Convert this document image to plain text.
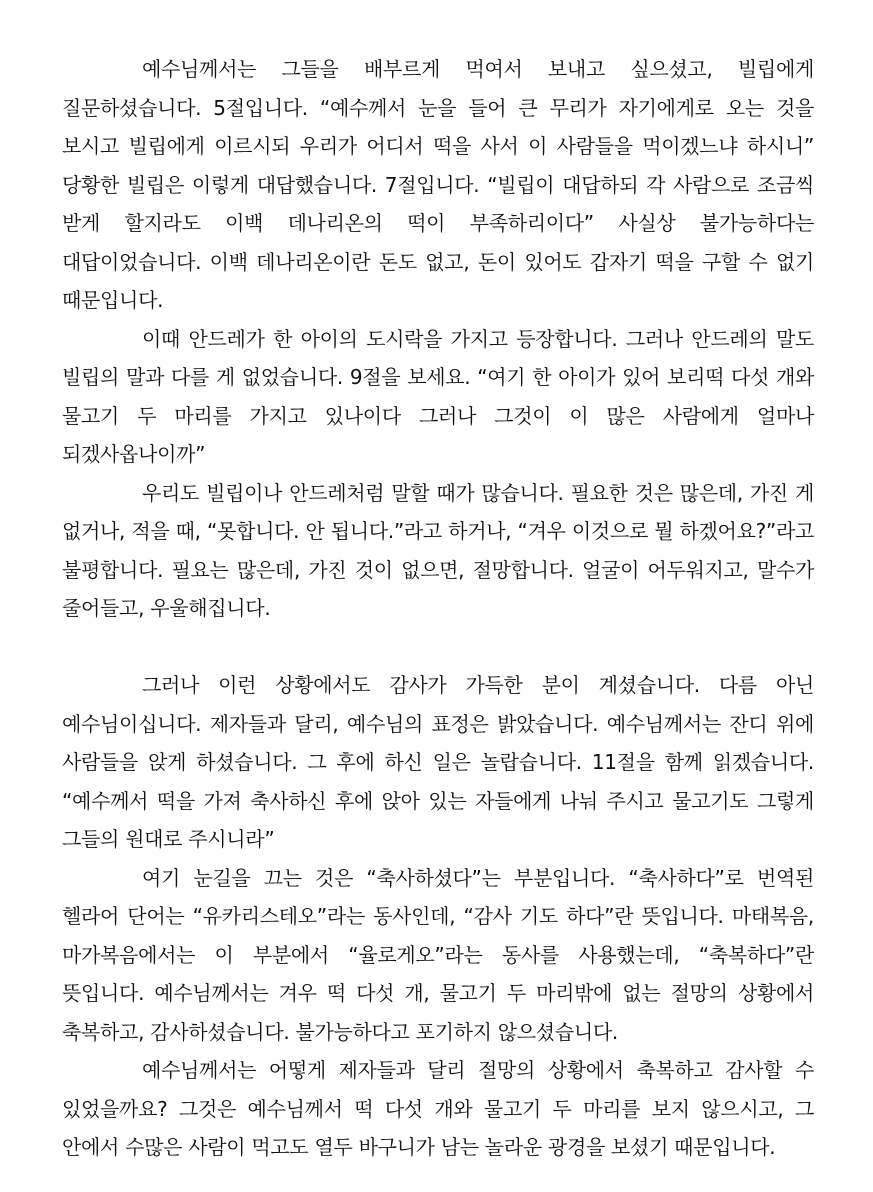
예수님께서는 그들을 배부르게 먹여서 보내고 싶으셨고, 빌립에게 질문하셨습니다. 5절입니다. “예수께서 눈을 들어 큰 무리가 자기에게로 오는 것을 보시고 빌립에게 이르시되 우리가 어디서 떡을 사서 이 사람들을 먹이겠느냐 하시니” 당황한 빌립은 이렇게 대답했습니다. 7절입니다. “빌립이 대답하되 각 사람으로 조금씩 받게 할지라도 이백 데나리온의 떡이 부족하리이다” 사실상 불가능하다는 대답이었습니다. 이백 데나리온이란 돈도 없고, 돈이 있어도 갑자기 떡을 구할 수 없기 때문입니다.

이때 안드레가 한 아이의 도시락을 가지고 등장합니다. 그러나 안드레의 말도 빌립의 말과 다를 게 없었습니다. 9절을 보세요. “여기 한 아이가 있어 보리떡 다섯 개와 물고기 두 마리를 가지고 있나이다 그러나 그것이 이 많은 사람에게 얼마나 되겠사옵나이까”

우리도 빌립이나 안드레처럼 말할 때가 많습니다. 필요한 것은 많은데, 가진 게 없거나, 적을 때, “못합니다. 안 됩니다.”라고 하거나, “겨우 이것으로 뭘 하겠어요?”라고 불평합니다. 필요는 많은데, 가진 것이 없으면, 절망합니다. 얼굴이 어두워지고, 말수가 줄어들고, 우울해집니다.

그러나 이런 상황에서도 감사가 가득한 분이 계셨습니다. 다름 아닌 예수님이십니다. 제자들과 달리, 예수님의 표정은 밝았습니다. 예수님께서는 잔디 위에 사람들을 앉게 하셨습니다. 그 후에 하신 일은 놀랍습니다. 11절을 함께 읽겠습니다. “예수께서 떡을 가져 축사하신 후에 앉아 있는 자들에게 나눠 주시고 물고기도 그렇게 그들의 원대로 주시니라”

여기 눈길을 끄는 것은 “축사하셨다”는 부분입니다. “축사하다”로 번역된 헬라어 단어는 “유카리스테오”라는 동사인데, “감사 기도 하다”란 뜻입니다. 마태복음, 마가복음에서는 이 부분에서 “율로게오”라는 동사를 사용했는데, “축복하다”란 뜻입니다. 예수님께서는 겨우 떡 다섯 개, 물고기 두 마리밖에 없는 절망의 상황에서 축복하고, 감사하셨습니다. 불가능하다고 포기하지 않으셨습니다.

예수님께서는 어떻게 제자들과 달리 절망의 상황에서 축복하고 감사할 수 있었을까요? 그것은 예수님께서 떡 다섯 개와 물고기 두 마리를 보지 않으시고, 그 안에서 수많은 사람이 먹고도 열두 바구니가 남는 놀라운 광경을 보셨기 때문입니다.
